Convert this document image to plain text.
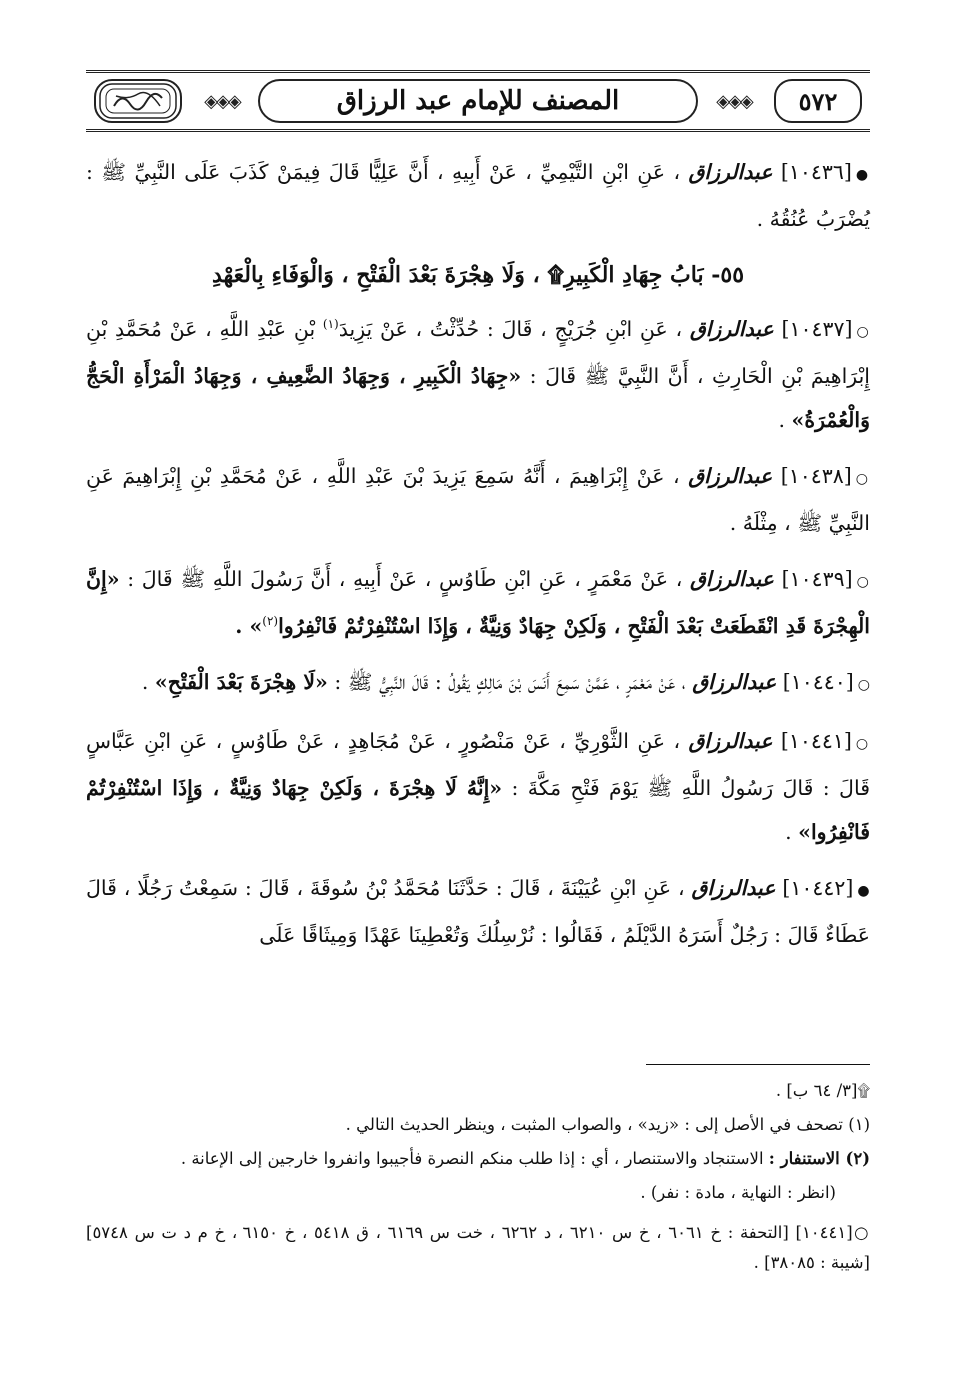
◈◈◈	المصنف للإمام عبد الرزاق	◈◈◈	٥٧٢

●[١٠٤٣٦] عبدالرزاق ، عَنِ ابْنِ التَّيْمِيِّ ، عَنْ أَبِيهِ ، أَنَّ عَلِيًّا قَالَ فِيمَنْ كَذَبَ عَلَى النَّبِيِّ ﷺ : يُضْرَبُ عُنُقُهُ .

٥٥- بَابُ جِهَادِ الْكَبِيرِ۩ ، وَلَا هِجْرَةَ بَعْدَ الْفَتْحِ ، وَالْوَفَاءِ بِالْعَهْدِ

○[١٠٤٣٧] عبدالرزاق ، عَنِ ابْنِ جُرَيْجٍ ، قَالَ : حُدِّثْتُ ، عَنْ يَزِيدَ$^{(١)}$ بْنِ عَبْدِ اللَّهِ ، عَنْ مُحَمَّدِ بْنِ إِبْرَاهِيمَ بْنِ الْحَارِثِ ، أَنَّ النَّبِيَّ ﷺ قَالَ : «جِهَادُ الْكَبِيرِ ، وَجِهَادُ الضَّعِيفِ ، وَجِهَادُ الْمَرْأَةِ الْحَجُّ وَالْعُمْرَةُ» .

○[١٠٤٣٨] عبدالرزاق ، عَنْ إِبْرَاهِيمَ ، أَنَّهُ سَمِعَ يَزِيدَ بْنَ عَبْدِ اللَّهِ ، عَنْ مُحَمَّدِ بْنِ إِبْرَاهِيمَ عَنِ النَّبِيِّ ﷺ ، مِثْلَهُ .

○[١٠٤٣٩] عبدالرزاق ، عَنْ مَعْمَرٍ ، عَنِ ابْنِ طَاوُسٍ ، عَنْ أَبِيهِ ، أَنَّ رَسُولَ اللَّهِ ﷺ قَالَ : «إِنَّ الْهِجْرَةَ قَدِ انْقَطَعَتْ بَعْدَ الْفَتْحِ ، وَلَكِنْ جِهَادٌ وَنِيَّةٌ ، وَإِذَا اسْتُنْفِرْتُمْ فَانْفِرُوا$^{(٢)}$» .

○[١٠٤٤٠] عبدالرزاق ، عَنْ مَعْمَرٍ ، عَمَّنْ سَمِعَ أَنَسَ بْنَ مَالِكٍ يَقُولُ : قَالَ النَّبِيُّ ﷺ : «لَا هِجْرَةَ بَعْدَ الْفَتْحِ» .

○[١٠٤٤١] عبدالرزاق ، عَنِ الثَّوْرِيِّ ، عَنْ مَنْصُورٍ ، عَنْ مُجَاهِدٍ ، عَنْ طَاوُسٍ ، عَنِ ابْنِ عَبَّاسٍ قَالَ : قَالَ رَسُولُ اللَّهِ ﷺ يَوْمَ فَتْحِ مَكَّةَ : «إِنَّهُ لَا هِجْرَةَ ، وَلَكِنْ جِهَادٌ وَنِيَّةٌ ، وَإِذَا اسْتُنْفِرْتُمْ فَانْفِرُوا» .

●[١٠٤٤٢] عبدالرزاق ، عَنِ ابْنِ عُيَيْنَةَ ، قَالَ : حَدَّثَنَا مُحَمَّدُ بْنُ سُوقَةَ ، قَالَ : سَمِعْتُ رَجُلًا ، قَالَ عَطَاءٌ قَالَ : رَجُلٌ أَسَرَهُ الدَّيْلَمُ ، فَقَالُوا : نُرْسِلُكَ وَتُعْطِينَا عَهْدًا وَمِيثَاقًا عَلَى

۩[٣/ ٦٤ ب] .

(١) تصحف في الأصل إلى : «زيد» ، والصواب المثبت ، وينظر الحديث التالي .

(٢) الاستنفار : الاستنجاد والاستنصار ، أي : إذا طلب منكم النصرة فأجيبوا وانفروا خارجين إلى الإعانة .

(انظر : النهاية ، مادة : نفر) .

○[١٠٤٤١] [التحفة : خ ٦٠٦١ ، خ س ٦٢١٠ ، د ٦٢٦٢ ، خت س ٦١٦٩ ، ق ٥٤١٨ ، خ ٦١٥٠ ، خ م د ت س ٥٧٤٨] [شيبة : ٣٨٠٨٥] .
